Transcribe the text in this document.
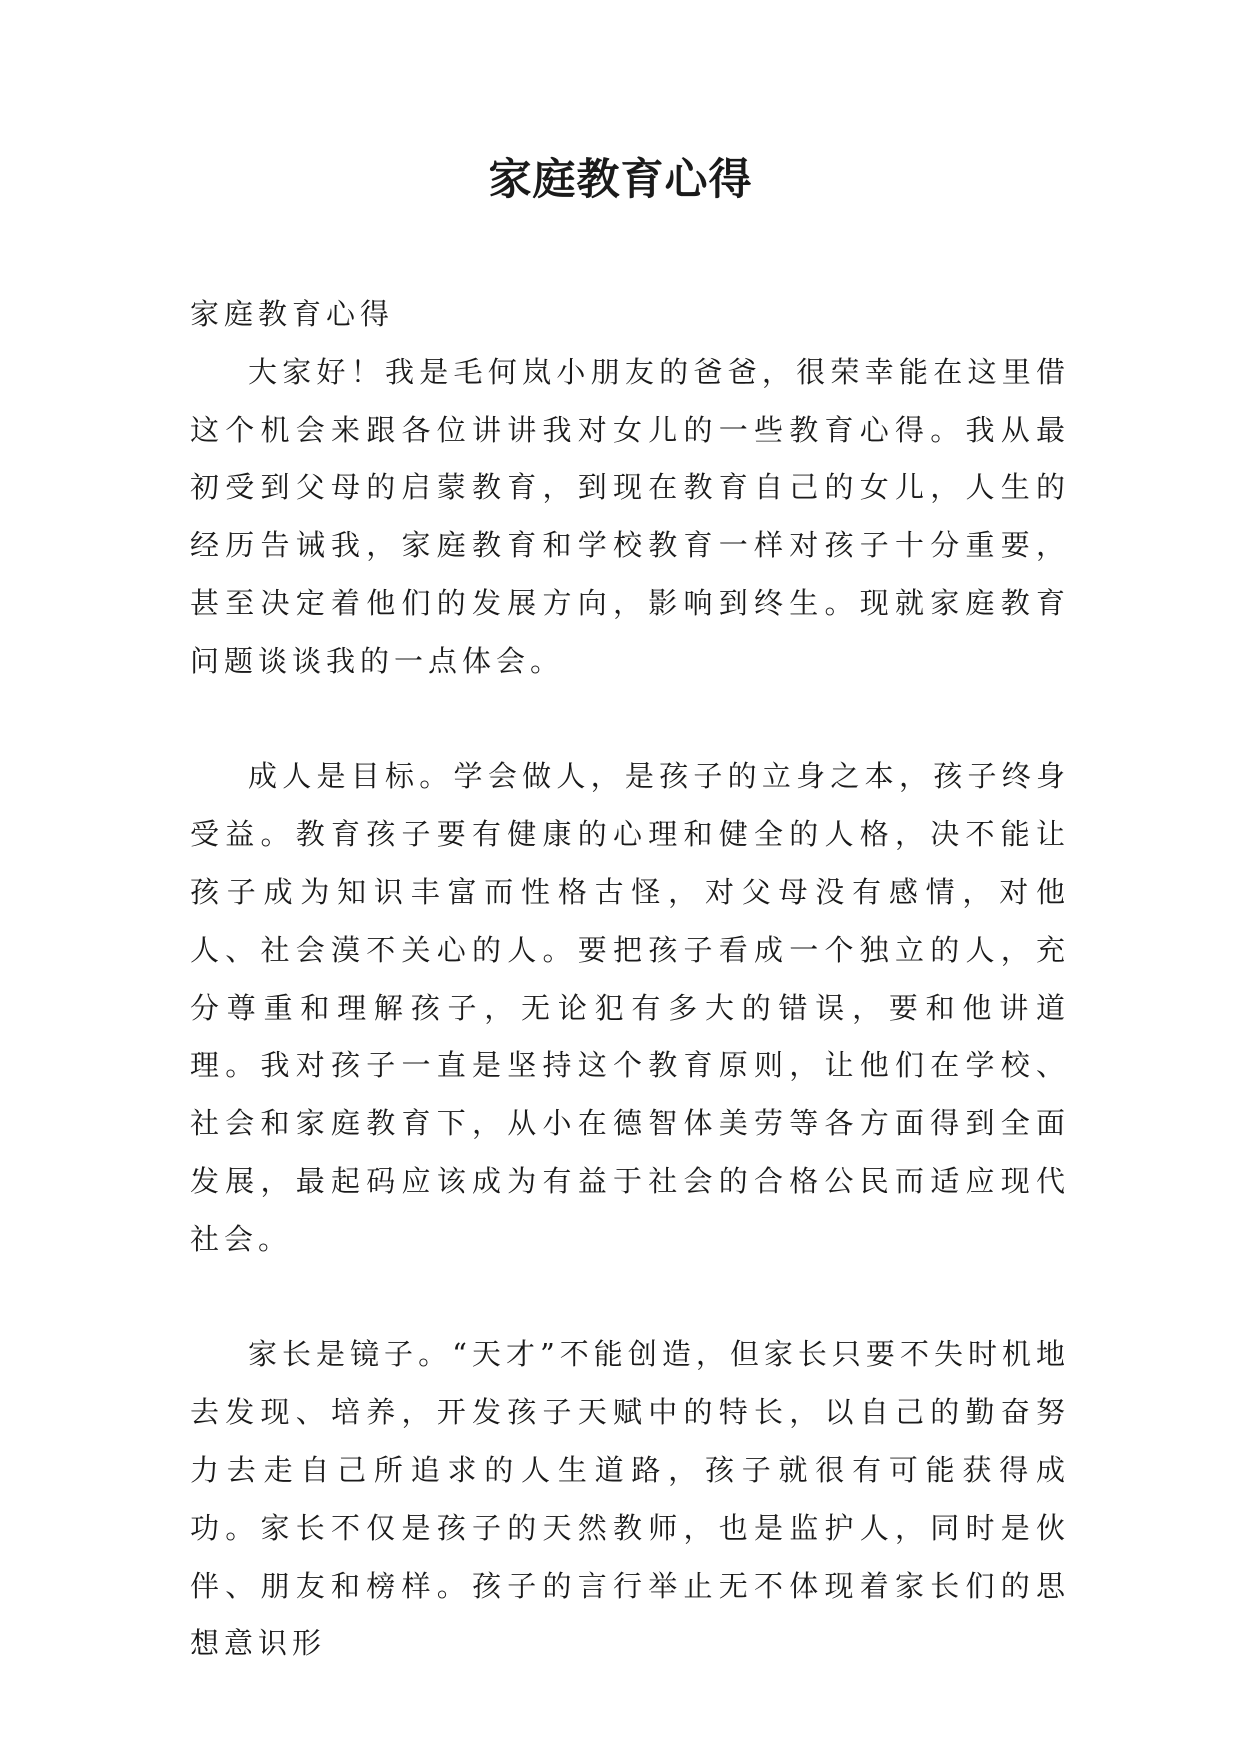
家庭教育心得

家庭教育心得

大家好！我是毛何岚小朋友的爸爸，很荣幸能在这里借这个机会来跟各位讲讲我对女儿的一些教育心得。我从最初受到父母的启蒙教育，到现在教育自己的女儿，人生的经历告诫我，家庭教育和学校教育一样对孩子十分重要，甚至决定着他们的发展方向，影响到终生。现就家庭教育问题谈谈我的一点体会。

成人是目标。学会做人，是孩子的立身之本，孩子终身受益。教育孩子要有健康的心理和健全的人格，决不能让孩子成为知识丰富而性格古怪，对父母没有感情，对他人、社会漠不关心的人。要把孩子看成一个独立的人，充分尊重和理解孩子，无论犯有多大的错误，要和他讲道理。我对孩子一直是坚持这个教育原则，让他们在学校、社会和家庭教育下，从小在德智体美劳等各方面得到全面发展，最起码应该成为有益于社会的合格公民而适应现代社会。

家长是镜子。“天才”不能创造，但家长只要不失时机地去发现、培养，开发孩子天赋中的特长，以自己的勤奋努力去走自己所追求的人生道路，孩子就很有可能获得成功。家长不仅是孩子的天然教师，也是监护人，同时是伙伴、朋友和榜样。孩子的言行举止无不体现着家长们的思想意识形
